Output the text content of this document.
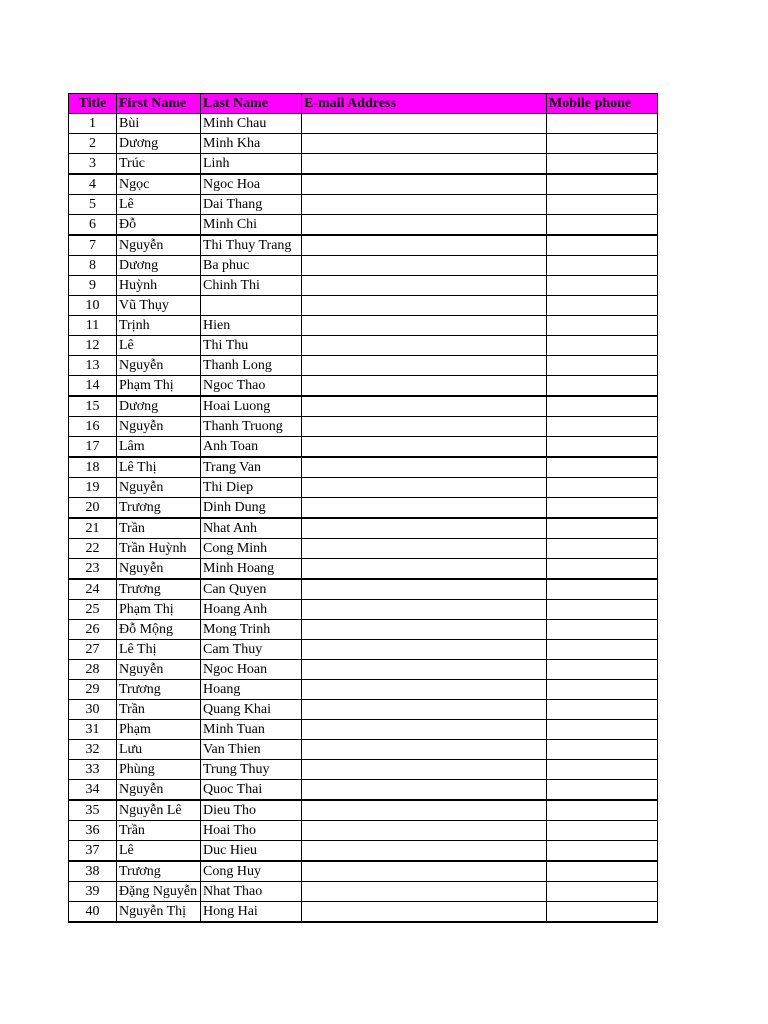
Title	First Name	Last Name	E-mail Address	Mobile phone
1	Bùi	Minh Chau		
2	Dương	Minh Kha		
3	Trúc	Linh		
4	Ngọc	Ngoc Hoa		
5	Lê	Dai Thang		
6	Đỗ	Minh Chi		
7	Nguyễn	Thi Thuy Trang		
8	Dương	Ba phuc		
9	Huỳnh	Chinh Thi		
10	Vũ Thụy			
11	Trịnh	Hien		
12	Lê	Thi Thu		
13	Nguyễn	Thanh Long		
14	Phạm Thị	Ngoc Thao		
15	Dương	Hoai Luong		
16	Nguyễn	Thanh Truong		
17	Lâm	Anh Toan		
18	Lê Thị	Trang Van		
19	Nguyễn	Thi Diep		
20	Trương	Dinh Dung		
21	Trần	Nhat Anh		
22	Trần Huỳnh	Cong Minh		
23	Nguyễn	Minh Hoang		
24	Trương	Can Quyen		
25	Phạm Thị	Hoang Anh		
26	Đỗ Mộng	Mong Trinh		
27	Lê Thị	Cam Thuy		
28	Nguyễn	Ngoc Hoan		
29	Trương	Hoang		
30	Trần	Quang Khai		
31	Phạm	Minh Tuan		
32	Lưu	Van Thien		
33	Phùng	Trung Thuy		
34	Nguyễn	Quoc Thai		
35	Nguyễn Lê	Dieu Tho		
36	Trần	Hoai Tho		
37	Lê	Duc Hieu		
38	Trương	Cong Huy		
39	Đặng Nguyễn	Nhat Thao		
40	Nguyễn Thị	Hong Hai		
